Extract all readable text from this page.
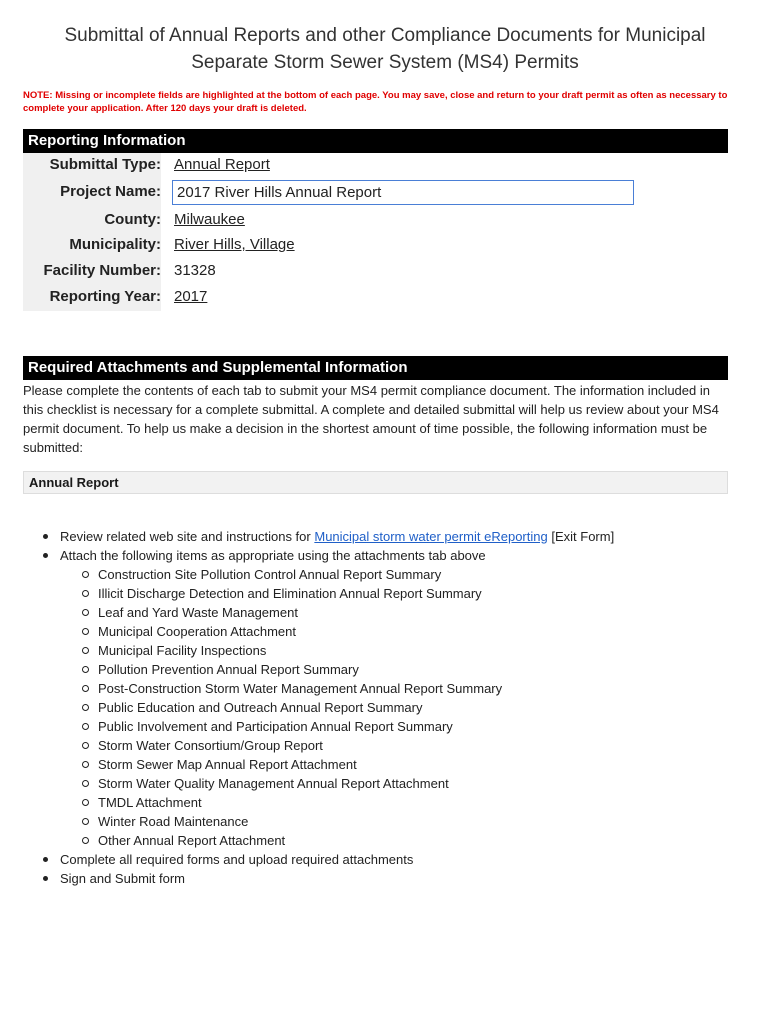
Submittal of Annual Reports and other Compliance Documents for Municipal
Separate Storm Sewer System (MS4) Permits
NOTE: Missing or incomplete fields are highlighted at the bottom of each page. You may save, close and return to your draft permit as often as necessary to complete your application. After 120 days your draft is deleted.
Reporting Information
Submittal Type: Annual Report
Project Name:
2017 River Hills Annual Report
County: Milwaukee
Municipality: River Hills, Village
Facility Number: 31328
Reporting Year: 2017
Required Attachments and Supplemental Information
Please complete the contents of each tab to submit your MS4 permit compliance document. The information included in this checklist is necessary for a complete submittal. A complete and detailed submittal will help us review about your MS4 permit document. To help us make a decision in the shortest amount of time possible, the following information must be submitted:
Annual Report
Review related web site and instructions for Municipal storm water permit eReporting [Exit Form]
Attach the following items as appropriate using the attachments tab above
Construction Site Pollution Control Annual Report Summary
Illicit Discharge Detection and Elimination Annual Report Summary
Leaf and Yard Waste Management
Municipal Cooperation Attachment
Municipal Facility Inspections
Pollution Prevention Annual Report Summary
Post-Construction Storm Water Management Annual Report Summary
Public Education and Outreach Annual Report Summary
Public Involvement and Participation Annual Report Summary
Storm Water Consortium/Group Report
Storm Sewer Map Annual Report Attachment
Storm Water Quality Management Annual Report Attachment
TMDL Attachment
Winter Road Maintenance
Other Annual Report Attachment
Complete all required forms and upload required attachments
Sign and Submit form
